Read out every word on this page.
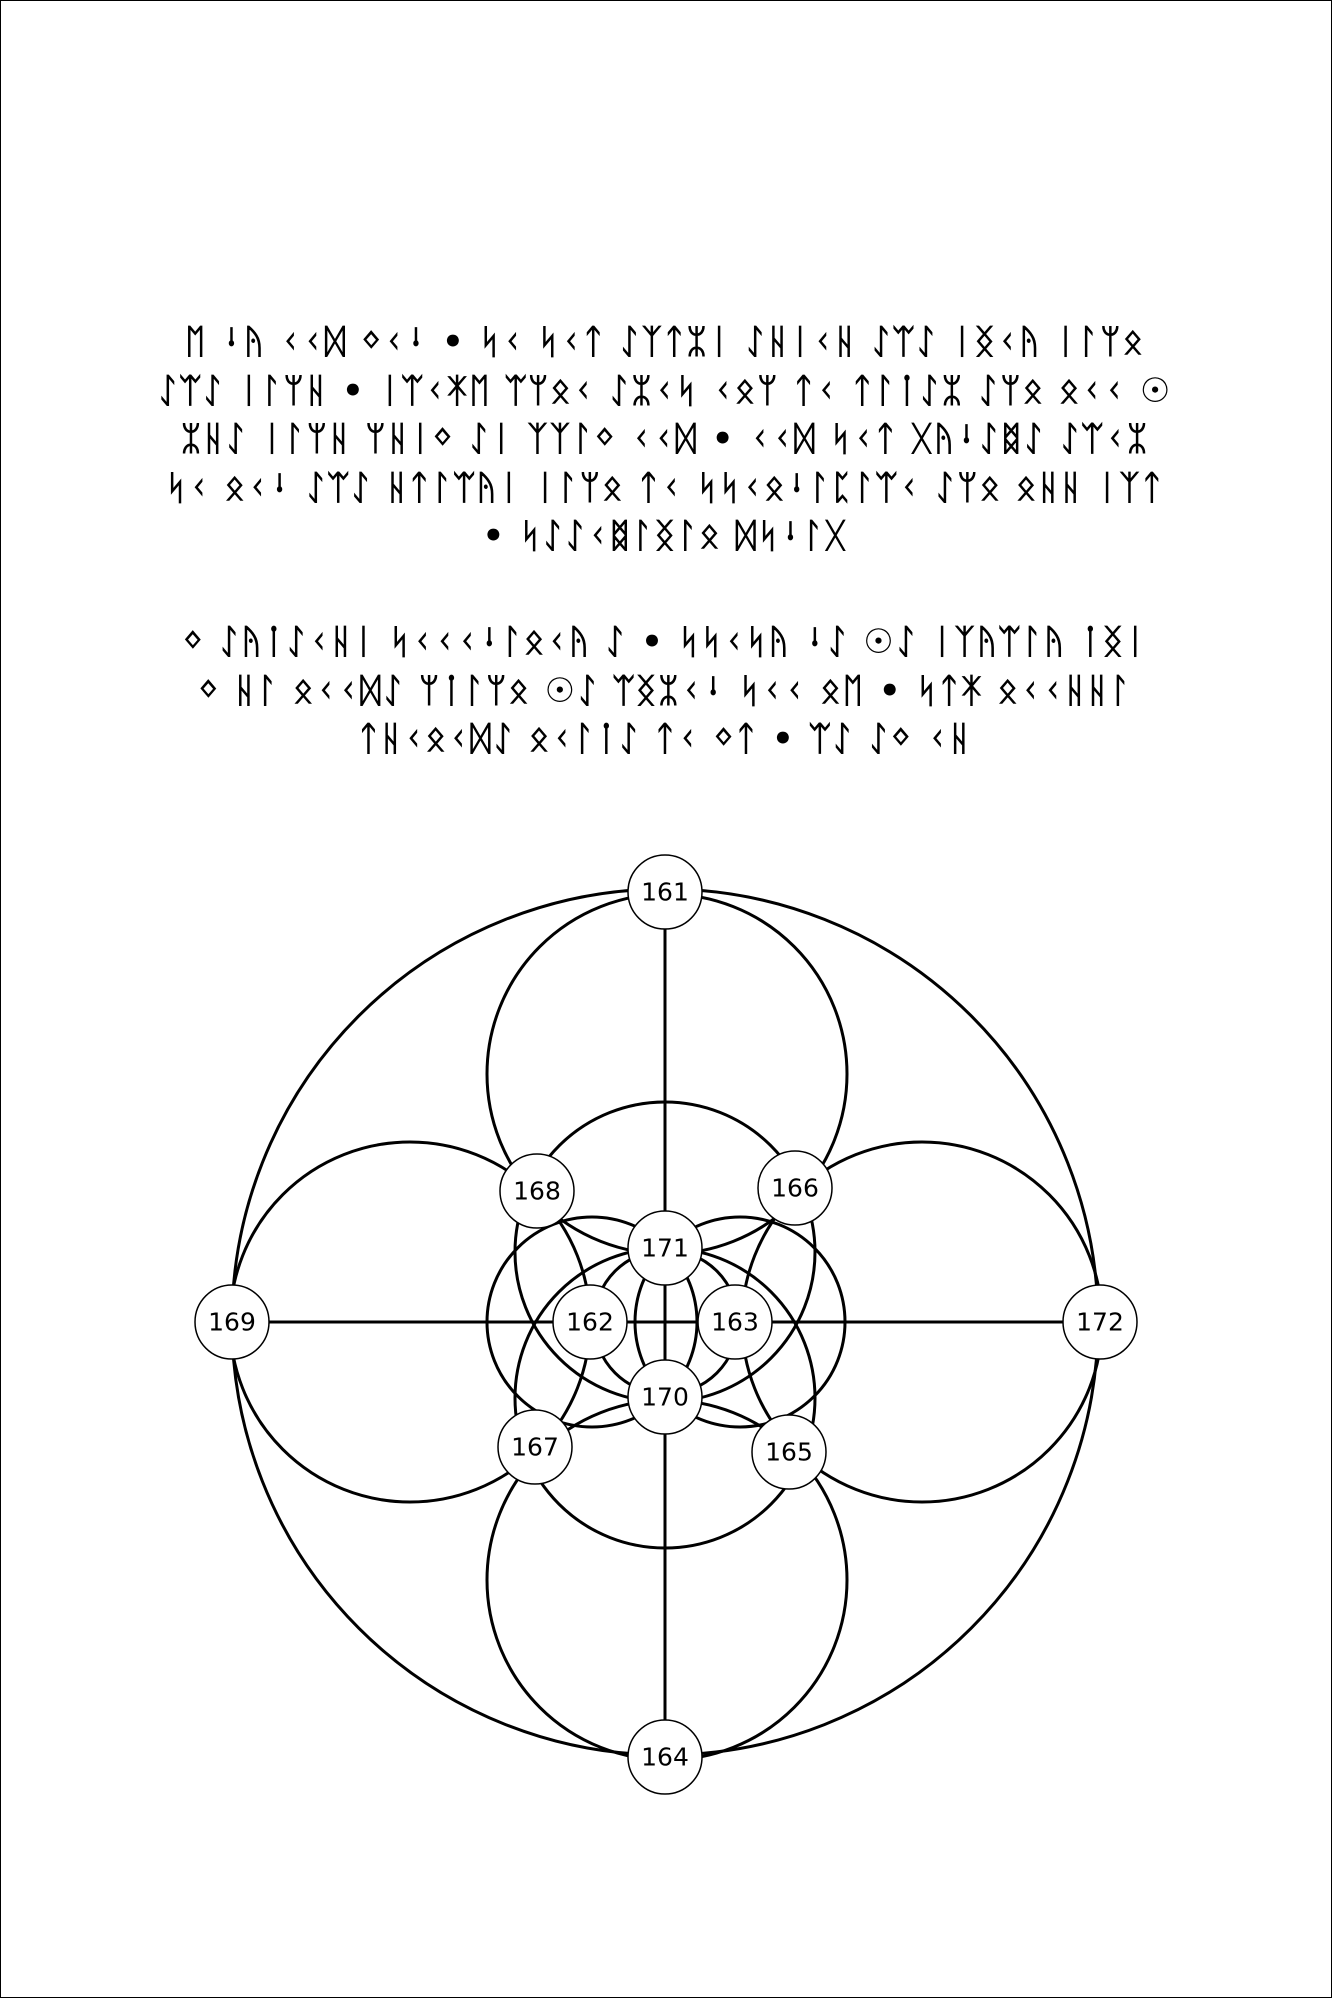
ᛖ ᛍᚤ ᚲᚲᛞ ᛜᚲᛍ • ᛋᚲ ᛋᚲᛏ ᛇᛉᛏᛯᛁ ᛇᚺᛁᚲᚺ ᛇᛠᛇ ᛁᛝᚲᚤ ᛁᛚᛘᛟ
ᛇᛠᛇ ᛁᛚᛘᚺ • ᛁᛠᚲᛡᛖ ᛠᛘᛟᚲ ᛇᛯᚲᛋ ᚲᛟᛘ ᛏᚲ ᛏᛚᛙᛇᛯ ᛇᛘᛟ ᛟᚲᚲ ☉
ᛯᚺᛇ ᛁᛚᛘᚺ ᛘᚺᛁᛜ ᛇᛁ ᛉᛉᛚᛜ ᚲᚲᛞ • ᚲᚲᛞ ᛋᚲᛏ ᚷᚤᛍᛇᛥᛇ ᛇᛠᚲᛯ
ᛋᚲ ᛟᚲᛍ ᛇᛠᛇ ᚺᛏᛚᛠᚤᛁ ᛁᛚᛘᛟ ᛏᚲ ᛋᛋᚲᛟᛍᛚᛈᛚᛠᚲ ᛇᛘᛟ ᛟᚺᚺ ᛁᛉᛏ
• ᛋᛇᛇᚲᛥᛚᛝᛚᛟ ᛞᛋᛍᛚᚷ
ᛜ ᛇᚤᛙᛇᚲᚺᛁ ᛋᚲᚲᚲᛍᛚᛟᚲᚤ ᛇ • ᛋᛋᚲᛋᚤ ᛍᛇ ☉ᛇ ᛁᛉᚤᛠᛚᚤ ᛙᛝᛁ
ᛜ ᚺᛚ ᛟᚲᚲᛞᛇ ᛘᛙᛚᛘᛟ ☉ᛇ ᛠᛝᛯᚲᛍ ᛋᚲᚲ ᛟᛖ • ᛋᛏᛡ ᛟᚲᚲᚺᚺᛚ
ᛏᚺᚲᛟᚲᛞᛇ ᛟᚲᛚᛙᛇ ᛏᚲ ᛜᛏ • ᛠᛇ ᛇᛜ ᚲᚺ
161
162	163
164
165
166
167
168
169
170
171
172
